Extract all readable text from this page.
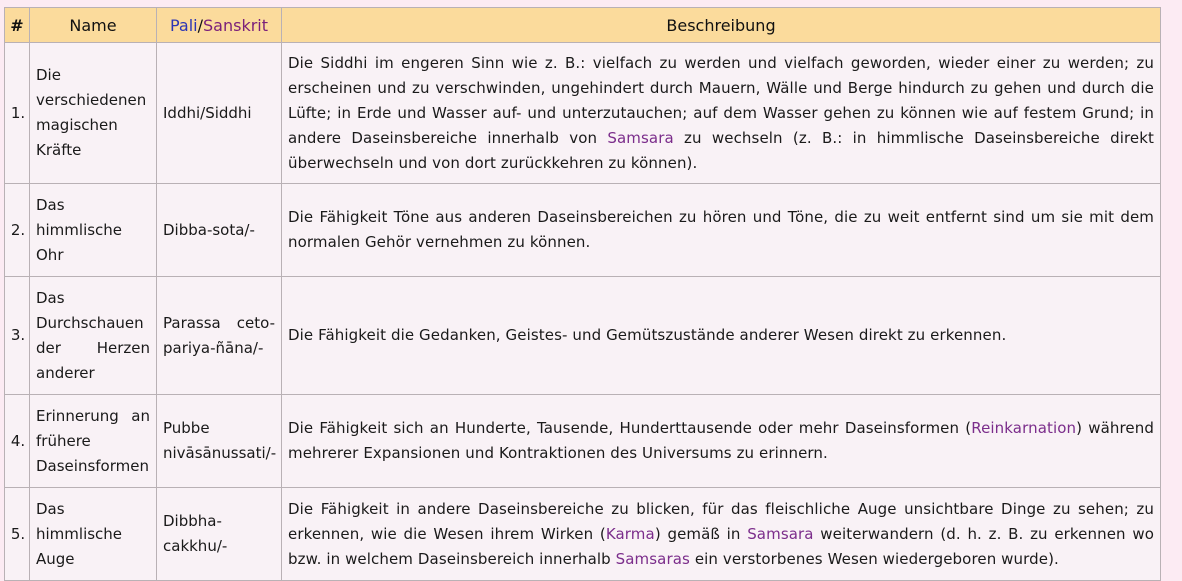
#	Name	Pali/Sanskrit	Beschreibung
1.	Die verschiedenen magischen Kräfte	Iddhi/Siddhi	Die Siddhi im engeren Sinn wie z. B.: vielfach zu werden und vielfach geworden, wieder einer zu werden; zu erscheinen und zu verschwinden, ungehindert durch Mauern, Wälle und Berge hindurch zu gehen und durch die Lüfte; in Erde und Wasser auf- und unterzutauchen; auf dem Wasser gehen zu können wie auf festem Grund; in andere Daseinsbereiche innerhalb von Samsara zu wechseln (z. B.: in himmlische Daseinsbereiche direkt überwechseln und von dort zurückkehren zu können).
2.	Das himmlische Ohr	Dibba-sota/-	Die Fähigkeit Töne aus anderen Daseinsbereichen zu hören und Töne, die zu weit entfernt sind um sie mit dem normalen Gehör vernehmen zu können.
3.	Das Durchschauen der Herzen anderer	Parassa ceto-pariya-ñāna/-	Die Fähigkeit die Gedanken, Geistes- und Gemütszustände anderer Wesen direkt zu erkennen.
4.	Erinnerung an frühere Daseinsformen	Pubbe nivāsānussati/-	Die Fähigkeit sich an Hunderte, Tausende, Hunderttausende oder mehr Daseinsformen (Reinkarnation) während mehrerer Expansionen und Kontraktionen des Universums zu erinnern.
5.	Das himmlische Auge	Dibbha-cakkhu/-	Die Fähigkeit in andere Daseinsbereiche zu blicken, für das fleischliche Auge unsichtbare Dinge zu sehen; zu erkennen, wie die Wesen ihrem Wirken (Karma) gemäß in Samsara weiterwandern (d. h. z. B. zu erkennen wo bzw. in welchem Daseinsbereich innerhalb Samsaras ein verstorbenes Wesen wiedergeboren wurde).
